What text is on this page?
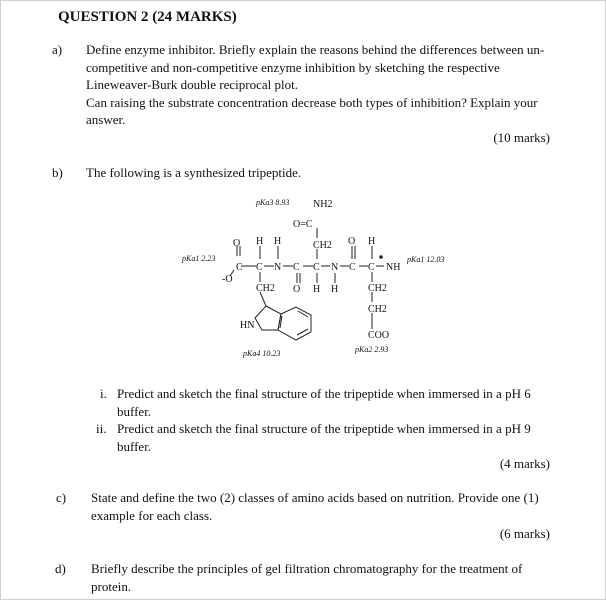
QUESTION 2 (24 MARKS)
a) Define enzyme inhibitor. Briefly explain the reasons behind the differences between un-
competitive and non-competitive enzyme inhibition by sketching the respective
Lineweaver-Burk double reciprocal plot.
Can raising the substrate concentration decrease both types of inhibition? Explain your
answer.
(10 marks)
b) The following is a synthesized tripeptide.
pKa3 8.93 NH2
O=C
CH2
O H H	O H
pKa1 2.23
C C N C C N C C NH
pKa1 12.03
-O
CH2 O H H	CH2
CH2
HN
COO
pKa4 10.23	pKa2 2.93
i. Predict and sketch the final structure of the tripeptide when immersed in a pH 6
buffer.
ii. Predict and sketch the final structure of the tripeptide when immersed in a pH 9
buffer.
(4 marks)
c) State and define the two (2) classes of amino acids based on nutrition. Provide one (1)
example for each class.
(6 marks)
d) Briefly describe the principles of gel filtration chromatography for the treatment of
protein.
